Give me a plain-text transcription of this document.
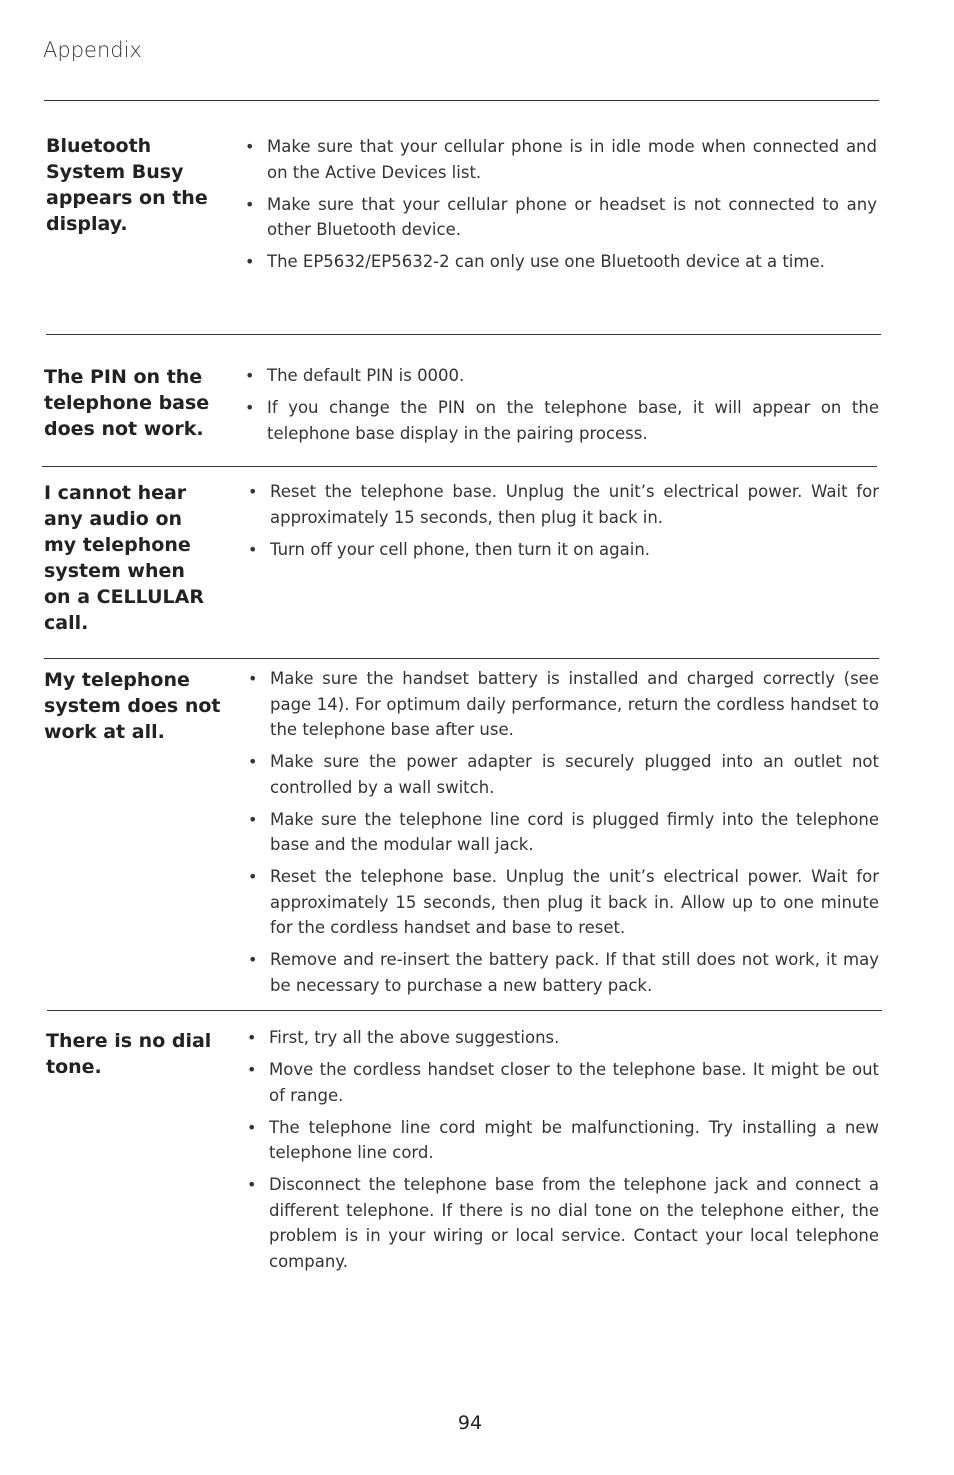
Appendix
Bluetooth System Busy appears on the display.
• Make sure that your cellular phone is in idle mode when connected and on the Active Devices list.
• Make sure that your cellular phone or headset is not connected to any other Bluetooth device.
• The EP5632/EP5632-2 can only use one Bluetooth device at a time.
The PIN on the telephone base does not work.
• The default PIN is 0000.
• If you change the PIN on the telephone base, it will appear on the telephone base display in the pairing process.
I cannot hear any audio on my telephone system when on a CELLULAR call.
• Reset the telephone base. Unplug the unit’s electrical power. Wait for approximately 15 seconds, then plug it back in.
• Turn off your cell phone, then turn it on again.
My telephone system does not work at all.
• Make sure the handset battery is installed and charged correctly (see page 14). For optimum daily performance, return the cordless handset to the telephone base after use.
• Make sure the power adapter is securely plugged into an outlet not controlled by a wall switch.
• Make sure the telephone line cord is plugged firmly into the telephone base and the modular wall jack.
• Reset the telephone base. Unplug the unit’s electrical power. Wait for approximately 15 seconds, then plug it back in. Allow up to one minute for the cordless handset and base to reset.
• Remove and re-insert the battery pack. If that still does not work, it may be necessary to purchase a new battery pack.
There is no dial tone.
• First, try all the above suggestions.
• Move the cordless handset closer to the telephone base. It might be out of range.
• The telephone line cord might be malfunctioning. Try installing a new telephone line cord.
• Disconnect the telephone base from the telephone jack and connect a different telephone. If there is no dial tone on the telephone either, the problem is in your wiring or local service. Contact your local telephone company.
94
